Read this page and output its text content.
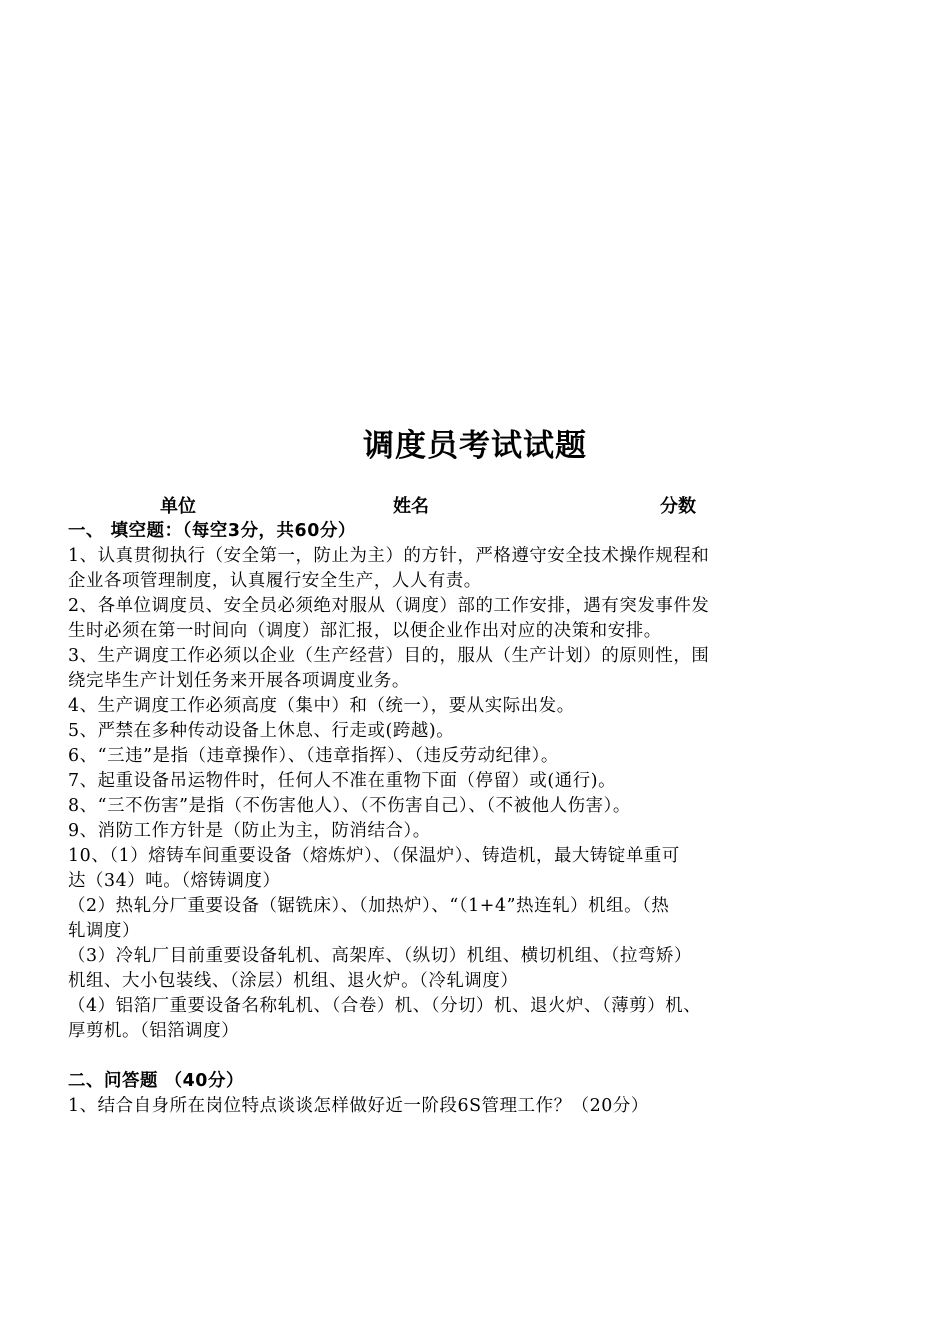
调度员考试试题
单位	姓名	分数
一、 填空题：（每空3分，共60分）
1、认真贯彻执行（安全第一，防止为主）的方针，严格遵守安全技术操作规程和
企业各项管理制度，认真履行安全生产，人人有责。
2、各单位调度员、安全员必须绝对服从（调度）部的工作安排，遇有突发事件发
生时必须在第一时间向（调度）部汇报，以便企业作出对应的决策和安排。
3、生产调度工作必须以企业（生产经营）目的，服从（生产计划）的原则性，围
绕完毕生产计划任务来开展各项调度业务。
4、生产调度工作必须高度（集中）和（统一），要从实际出发。
5、严禁在多种传动设备上休息、行走或(跨越)。
6、“三违”是指（违章操作）、（违章指挥）、（违反劳动纪律）。
7、起重设备吊运物件时，任何人不准在重物下面（停留）或(通行)。
8、“三不伤害”是指（不伤害他人）、（不伤害自己）、（不被他人伤害）。
9、消防工作方针是（防止为主，防消结合）。
10、（1）熔铸车间重要设备（熔炼炉）、（保温炉）、铸造机，最大铸锭单重可
达（34）吨。（熔铸调度）
（2）热轧分厂重要设备（锯铣床）、（加热炉）、“（1+4”热连轧）机组。（热
轧调度）
（3）冷轧厂目前重要设备轧机、高架库、（纵切）机组、横切机组、（拉弯矫）
机组、大小包装线、（涂层）机组、退火炉。（冷轧调度）
（4）铝箔厂重要设备名称轧机、（合卷）机、（分切）机、退火炉、（薄剪）机、
厚剪机。（铝箔调度）
二、问答题 （40分）
1、结合自身所在岗位特点谈谈怎样做好近一阶段6S管理工作？（20分）
